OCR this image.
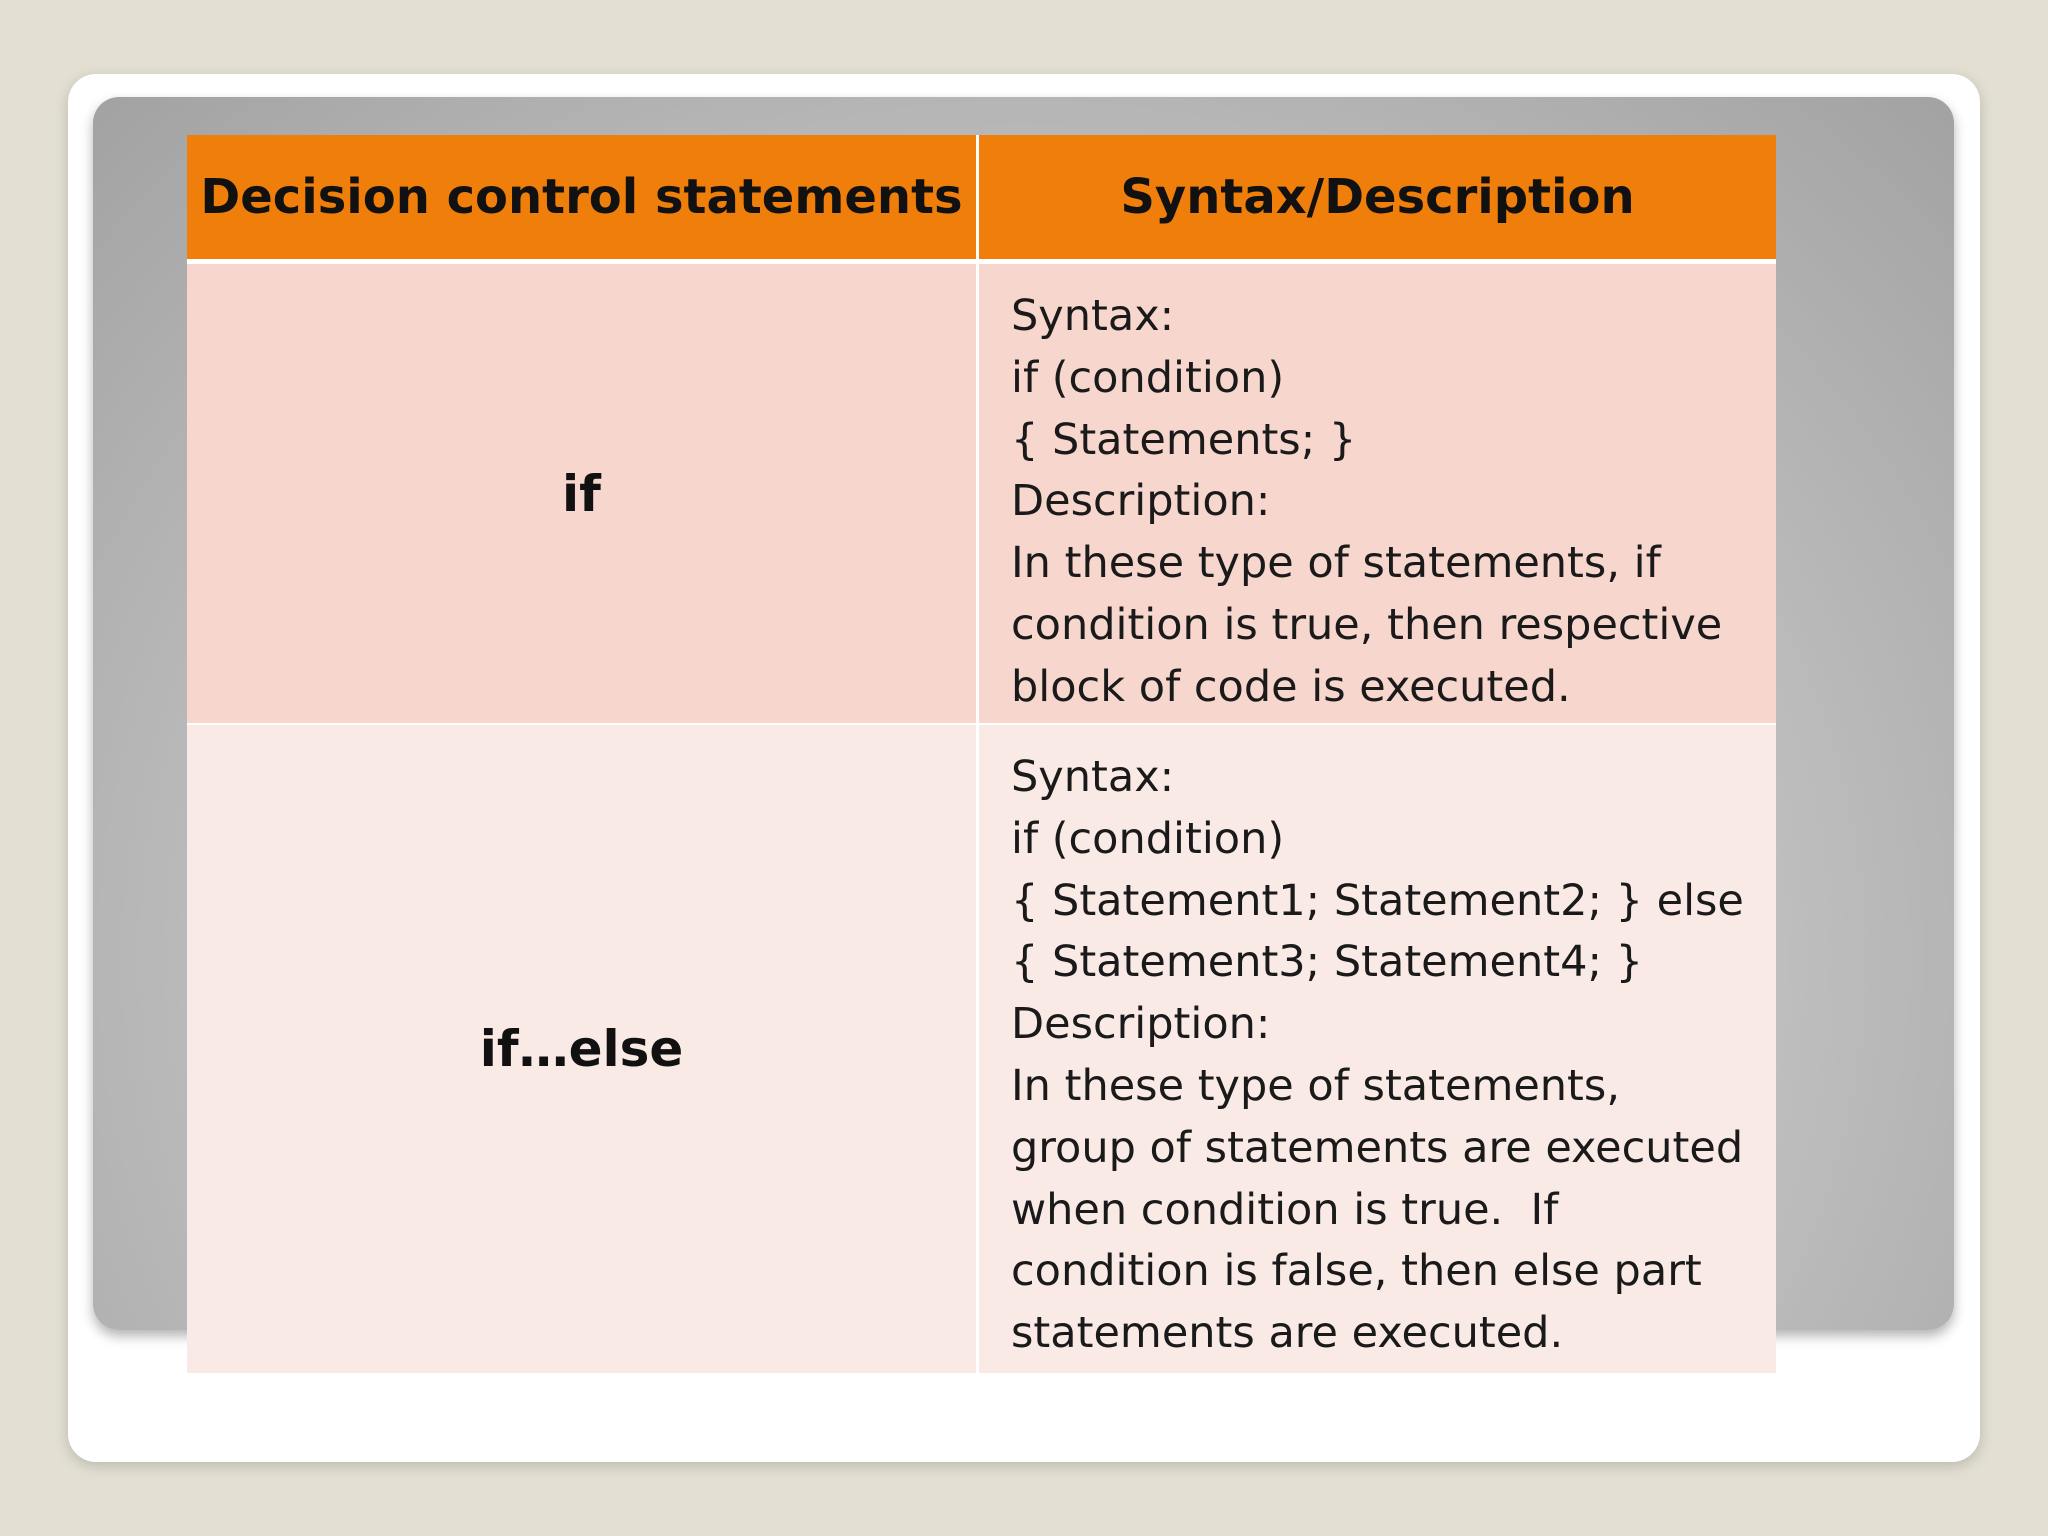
Decision control statements	Syntax/Description
if
Syntax:
if (condition)
{ Statements; }
Description:
In these type of statements, if condition is true, then respective block of code is executed.
if…else
Syntax:
if (condition)
{ Statement1; Statement2; } else
{ Statement3; Statement4; }
Description:
In these type of statements, group of statements are executed when condition is true.  If condition is false, then else part statements are executed.
